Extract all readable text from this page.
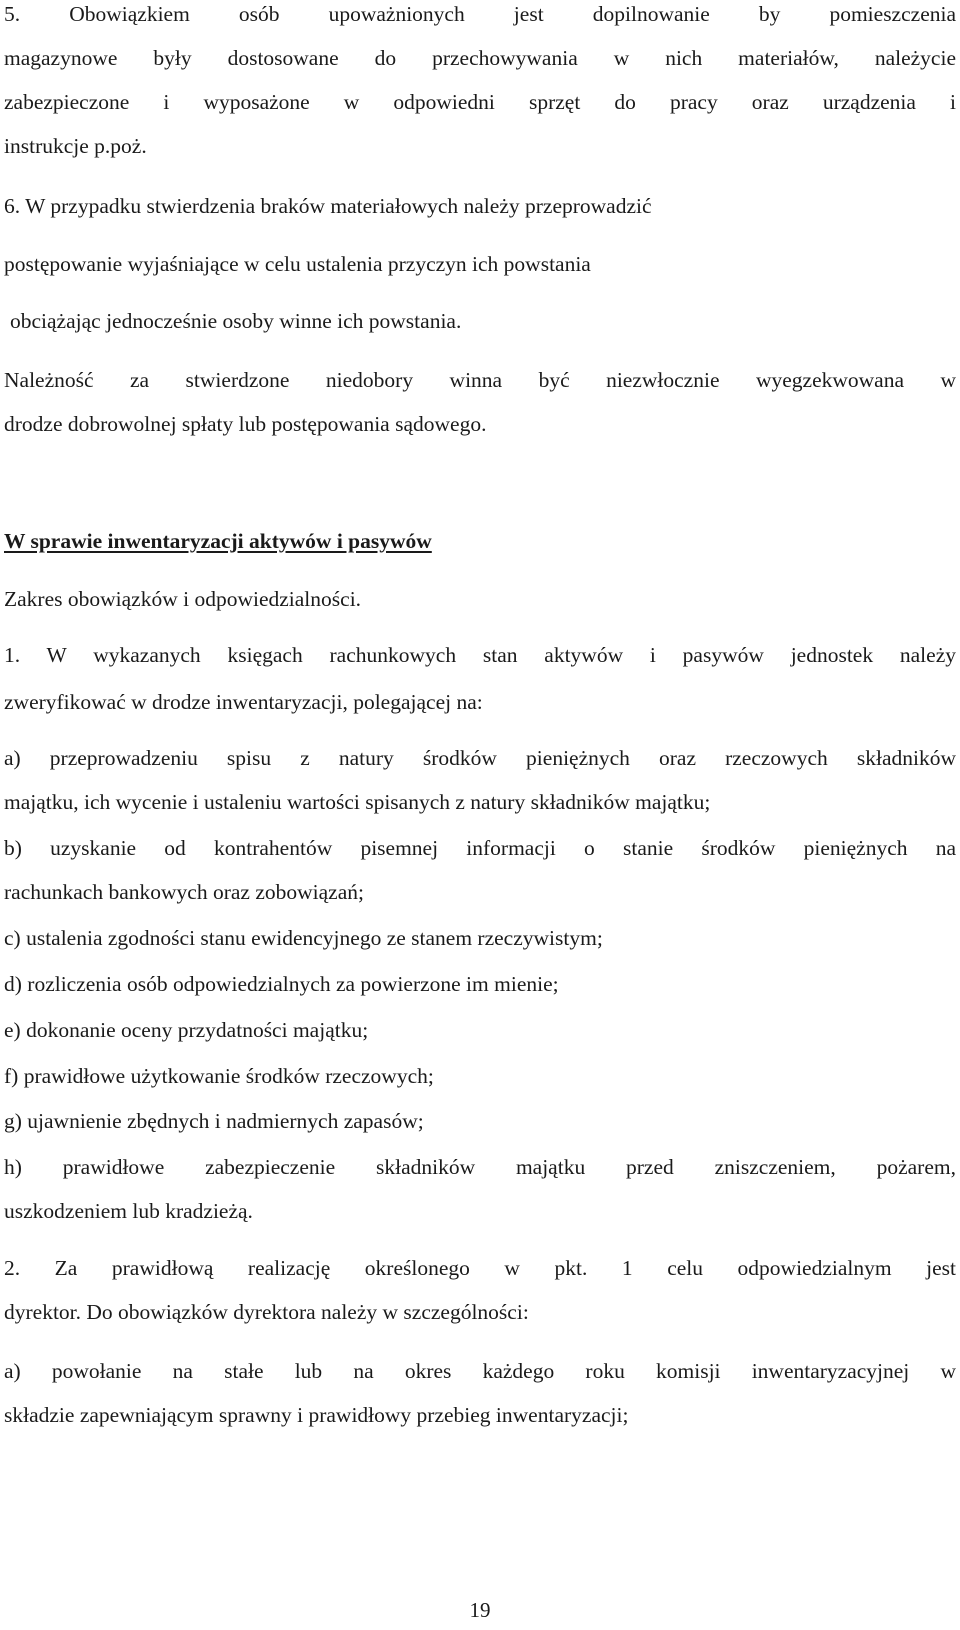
5. Obowiązkiem osób upoważnionych jest dopilnowanie by pomieszczenia

magazynowe były dostosowane do przechowywania w nich materiałów, należycie

zabezpieczone i wyposażone w odpowiedni sprzęt do pracy oraz urządzenia i

instrukcje p.poż.

6. W przypadku stwierdzenia braków materiałowych należy przeprowadzić

postępowanie wyjaśniające w celu ustalenia przyczyn ich powstania

obciążając jednocześnie osoby winne ich powstania.

Należność za stwierdzone niedobory winna być niezwłocznie wyegzekwowana w

drodze dobrowolnej spłaty lub postępowania sądowego.

W sprawie inwentaryzacji aktywów i pasywów

Zakres obowiązków i odpowiedzialności.

1. W wykazanych księgach rachunkowych stan aktywów i pasywów jednostek należy

zweryfikować w drodze inwentaryzacji, polegającej na:

a) przeprowadzeniu spisu z natury środków pieniężnych oraz rzeczowych składników

majątku, ich wycenie i ustaleniu wartości spisanych z natury składników majątku;

b) uzyskanie od kontrahentów pisemnej informacji o stanie środków pieniężnych na

rachunkach bankowych oraz zobowiązań;

c) ustalenia zgodności stanu ewidencyjnego ze stanem rzeczywistym;

d) rozliczenia osób odpowiedzialnych za powierzone im mienie;

e) dokonanie oceny przydatności majątku;

f) prawidłowe użytkowanie środków rzeczowych;

g) ujawnienie zbędnych i nadmiernych zapasów;

h) prawidłowe zabezpieczenie składników majątku przed zniszczeniem, pożarem,

uszkodzeniem lub kradzieżą.

2. Za prawidłową realizację określonego w pkt. 1 celu odpowiedzialnym jest

dyrektor. Do obowiązków dyrektora należy w szczególności:

a) powołanie na stałe lub na okres każdego roku komisji inwentaryzacyjnej w

składzie zapewniającym sprawny i prawidłowy przebieg inwentaryzacji;

19
